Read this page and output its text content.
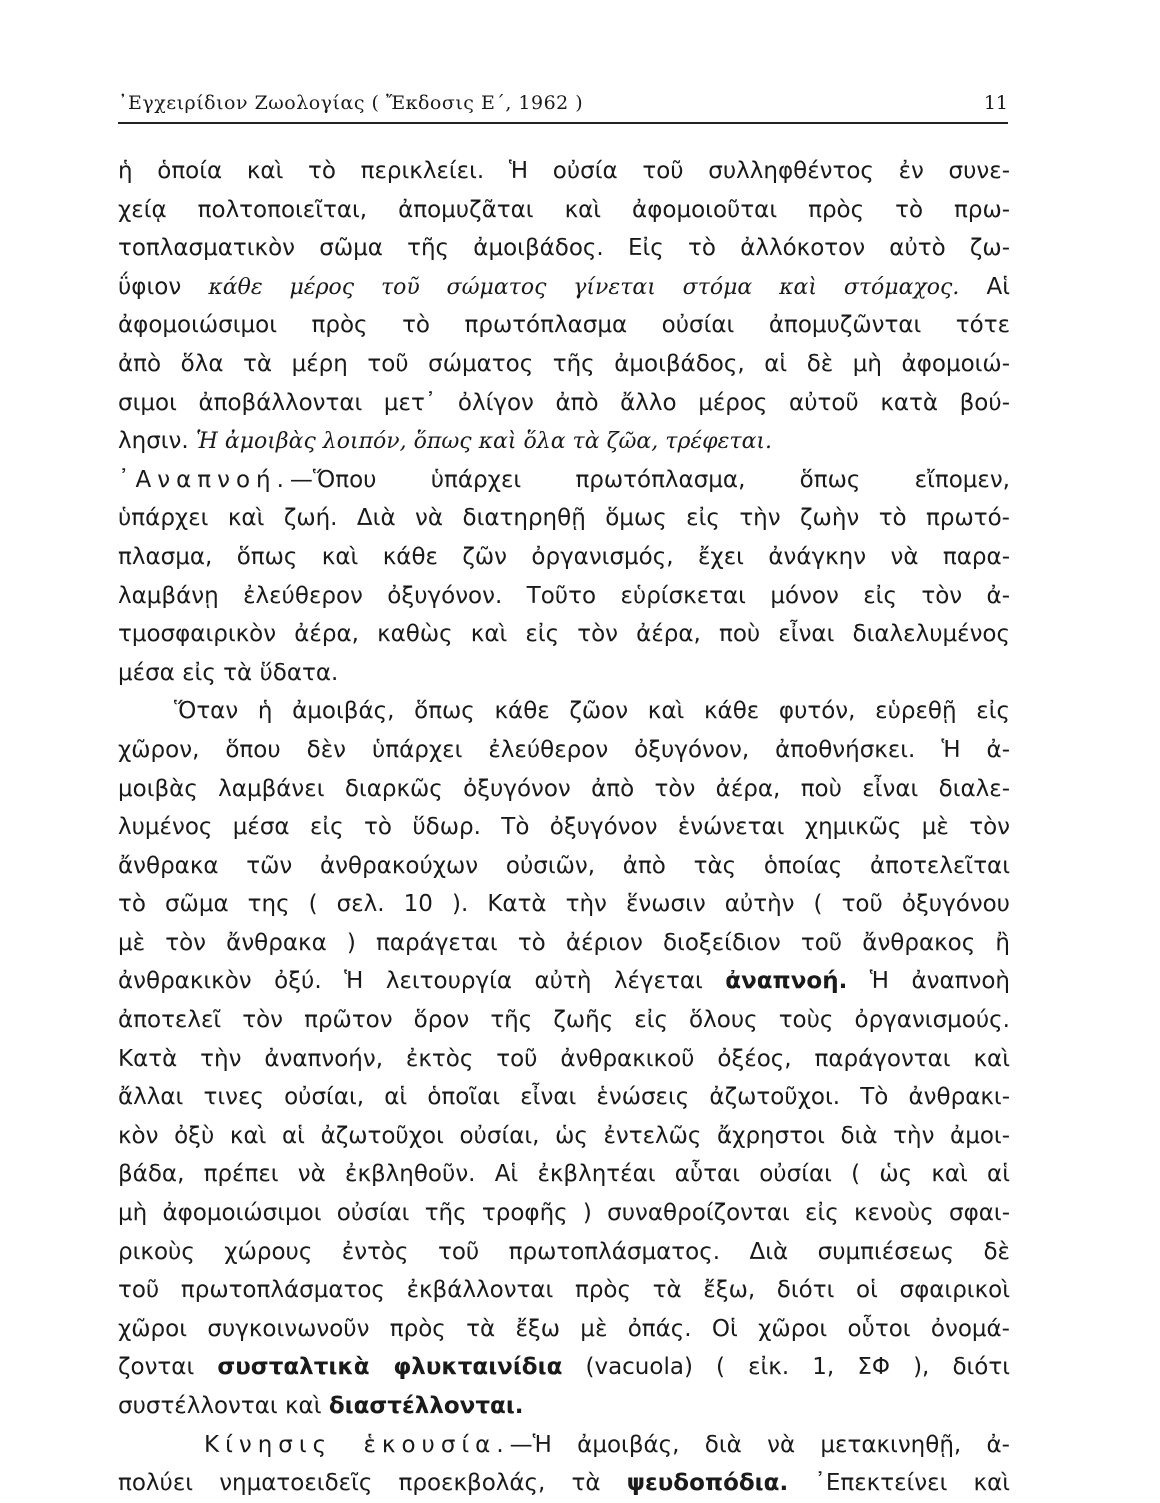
᾿Εγχειρίδιον Ζωολογίας ( Ἔκδοσις Ε΄, 1962 )	11
ἡ ὁποία καὶ τὸ περικλείει. Ἡ οὐσία τοῦ συλληφθέντος ἐν συνε-
χείᾳ πολτοποιεῖται, ἀπομυζᾶται καὶ ἀφομοιοῦται πρὸς τὸ πρω-
τοπλασματικὸν σῶμα τῆς ἀμοιβάδος. Εἰς τὸ ἀλλόκοτον αὐτὸ ζω-
ΰφιον κάθε μέρος τοῦ σώματος γίνεται στόμα καὶ στόμαχος. Αἱ
ἀφομοιώσιμοι πρὸς τὸ πρωτόπλασμα οὐσίαι ἀπομυζῶνται τότε
ἀπὸ ὅλα τὰ μέρη τοῦ σώματος τῆς ἀμοιβάδος, αἱ δὲ μὴ ἀφομοιώ-
σιμοι ἀποβάλλονται μετ᾿ ὀλίγον ἀπὸ ἄλλο μέρος αὐτοῦ κατὰ βού-
λησιν. Ἡ ἀμοιβὰς λοιπόν, ὅπως καὶ ὅλα τὰ ζῶα, τρέφεται.
᾿Αναπνοή.—Ὅπου ὑπάρχει πρωτόπλασμα, ὅπως εἴπομεν,
ὑπάρχει καὶ ζωή. Διὰ νὰ διατηρηθῇ ὅμως εἰς τὴν ζωὴν τὸ πρωτό-
πλασμα, ὅπως καὶ κάθε ζῶν ὀργανισμός, ἔχει ἀνάγκην νὰ παρα-
λαμβάνῃ ἐλεύθερον ὀξυγόνον. Τοῦτο εὑρίσκεται μόνον εἰς τὸν ἀ-
τμοσφαιρικὸν ἀέρα, καθὼς καὶ εἰς τὸν ἀέρα, ποὺ εἶναι διαλελυμένος
μέσα εἰς τὰ ὕδατα.
Ὅταν ἡ ἀμοιβάς, ὅπως κάθε ζῶον καὶ κάθε φυτόν, εὑρεθῇ εἰς
χῶρον, ὅπου δὲν ὑπάρχει ἐλεύθερον ὀξυγόνον, ἀποθνήσκει. Ἡ ἀ-
μοιβὰς λαμβάνει διαρκῶς ὀξυγόνον ἀπὸ τὸν ἀέρα, ποὺ εἶναι διαλε-
λυμένος μέσα εἰς τὸ ὕδωρ. Τὸ ὀξυγόνον ἑνώνεται χημικῶς μὲ τὸν
ἄνθρακα τῶν ἀνθρακούχων οὐσιῶν, ἀπὸ τὰς ὁποίας ἀποτελεῖται
τὸ σῶμα της ( σελ. 10 ). Κατὰ τὴν ἕνωσιν αὐτὴν ( τοῦ ὀξυγόνου
μὲ τὸν ἄνθρακα ) παράγεται τὸ ἀέριον διοξείδιον τοῦ ἄνθρακος ἢ
ἀνθρακικὸν ὀξύ. Ἡ λειτουργία αὐτὴ λέγεται ἀναπνοή. Ἡ ἀναπνοὴ
ἀποτελεῖ τὸν πρῶτον ὅρον τῆς ζωῆς εἰς ὅλους τοὺς ὀργανισμούς.
Κατὰ τὴν ἀναπνοήν, ἐκτὸς τοῦ ἀνθρακικοῦ ὀξέος, παράγονται καὶ
ἄλλαι τινες οὐσίαι, αἱ ὁποῖαι εἶναι ἑνώσεις ἀζωτοῦχοι. Τὸ ἀνθρακι-
κὸν ὀξὺ καὶ αἱ ἀζωτοῦχοι οὐσίαι, ὡς ἐντελῶς ἄχρηστοι διὰ τὴν ἀμοι-
βάδα, πρέπει νὰ ἐκβληθοῦν. Αἱ ἐκβλητέαι αὗται οὐσίαι ( ὡς καὶ αἱ
μὴ ἀφομοιώσιμοι οὐσίαι τῆς τροφῆς ) συναθροίζονται εἰς κενοὺς σφαι-
ρικοὺς χώρους ἐντὸς τοῦ πρωτοπλάσματος. Διὰ συμπιέσεως δὲ
τοῦ πρωτοπλάσματος ἐκβάλλονται πρὸς τὰ ἔξω, διότι οἱ σφαιρικοὶ
χῶροι συγκοινωνοῦν πρὸς τὰ ἔξω μὲ ὀπάς. Οἱ χῶροι οὗτοι ὀνομά-
ζονται συσταλτικὰ φλυκταινίδια (vacuola) ( εἰκ. 1, ΣΦ ), διότι
συστέλλονται καὶ διαστέλλονται.
Κίνησις ἑκουσία.—Ἡ ἀμοιβάς, διὰ νὰ μετακινηθῇ, ἀ-
πολύει νηματοειδεῖς προεκβολάς, τὰ ψευδοπόδια. ᾿Επεκτείνει καὶ
